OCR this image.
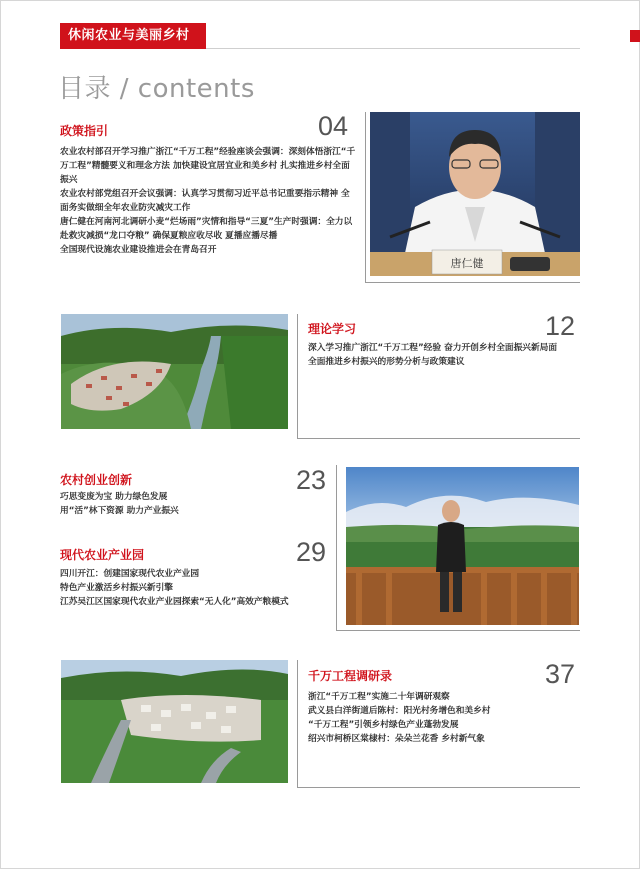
休闲农业与美丽乡村
目录 / contents
政策指引	04
农业农村部召开学习推广浙江“千万工程”经验座谈会强调：深刻体悟浙江“千万工程”精髓要义和理念方法 加快建设宜居宜业和美乡村 扎实推进乡村全面振兴
农业农村部党组召开会议强调：认真学习贯彻习近平总书记重要指示精神 全面务实做细全年农业防灾减灾工作
唐仁健在河南河北调研小麦“烂场雨”灾情和指导“三夏”生产时强调：全力以赴救灾减损“龙口夺粮” 确保夏粮应收尽收 夏播应播尽播
全国现代设施农业建设推进会在青岛召开
唐仁健
理论学习	12
深入学习推广浙江“千万工程”经验 奋力开创乡村全面振兴新局面
全面推进乡村振兴的形势分析与政策建议
农村创业创新	23
巧思变废为宝 助力绿色发展
用“活”林下资源 助力产业振兴
现代农业产业园	29
四川开江：创建国家现代农业产业园
特色产业激活乡村振兴新引擎
江苏吴江区国家现代农业产业园探索“无人化”高效产粮模式
千万工程调研录	37
浙江“千万工程”实施二十年调研观察
武义县白洋街道后陈村：阳光村务增色和美乡村
“千万工程”引领乡村绿色产业蓬勃发展
绍兴市柯桥区棠棣村：朵朵兰花香 乡村新气象
